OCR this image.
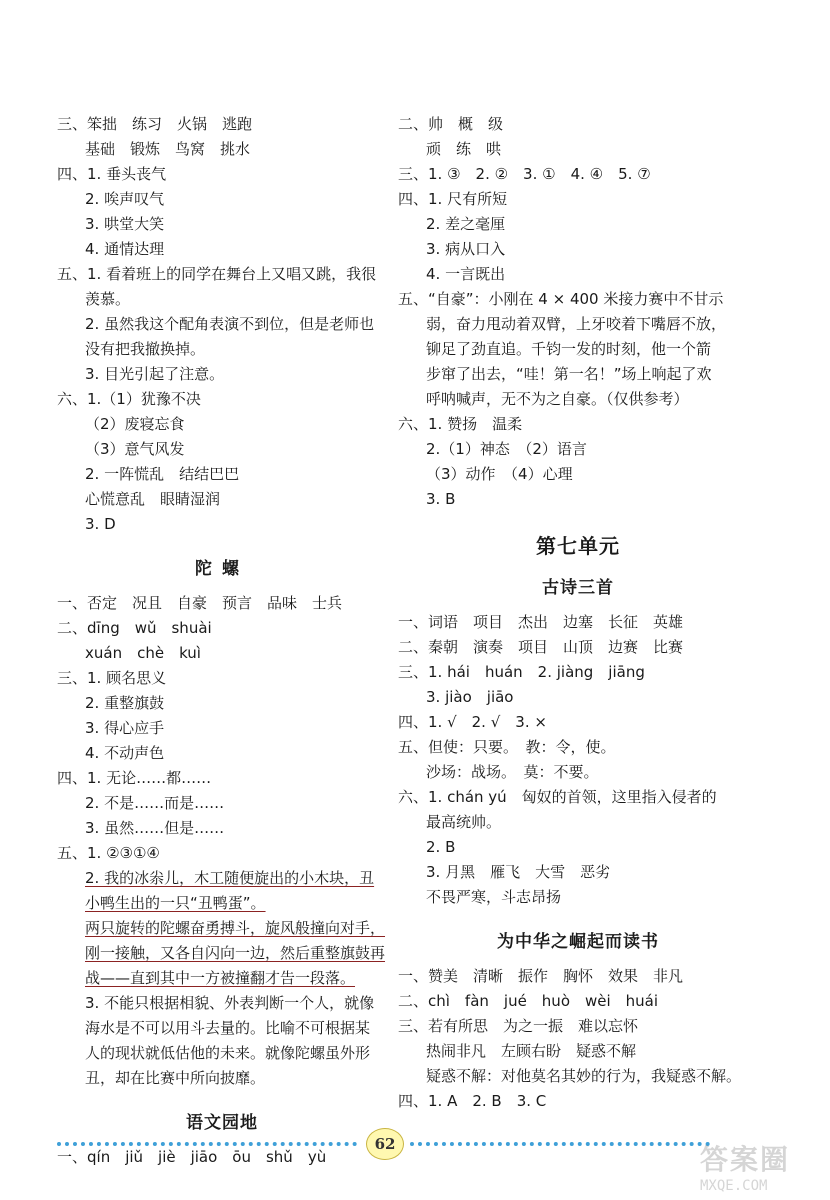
三、笨拙　练习　火锅　逃跑
基础　锻炼　鸟窝　挑水
四、1. 垂头丧气
2. 唉声叹气
3. 哄堂大笑
4. 通情达理
五、1. 看着班上的同学在舞台上又唱又跳，我很
羡慕。
2. 虽然我这个配角表演不到位，但是老师也
没有把我撤换掉。
3. 目光引起了注意。
六、1.（1）犹豫不决
（2）废寝忘食
（3）意气风发
2. 一阵慌乱　结结巴巴
心慌意乱　眼睛湿润
3. D
陀螺
一、否定　况且　自豪　预言　品味　士兵
二、dīng　wǔ　shuài
xuán　chè　kuì
三、1. 顾名思义
2. 重整旗鼓
3. 得心应手
4. 不动声色
四、1. 无论……都……
2. 不是……而是……
3. 虽然……但是……
五、1. ②③①④
2. 我的冰尜儿，木工随便旋出的小木块，丑
小鸭生出的一只“丑鸭蛋”。
两只旋转的陀螺奋勇搏斗，旋风般撞向对手，
刚一接触，又各自闪向一边，然后重整旗鼓再
战——直到其中一方被撞翻才告一段落。
3. 不能只根据相貌、外表判断一个人，就像
海水是不可以用斗去量的。比喻不可根据某
人的现状就低估他的未来。就像陀螺虽外形
丑，却在比赛中所向披靡。
语文园地
一、qín　jiǔ　jiè　jiāo　ōu　shǔ　yù
二、帅　概　级
顽　练　哄
三、1. ③　2. ②　3. ①　4. ④　5. ⑦
四、1. 尺有所短
2. 差之毫厘
3. 病从口入
4. 一言既出
五、“自豪”：小刚在 4 × 400 米接力赛中不甘示
弱，奋力甩动着双臂，上牙咬着下嘴唇不放，
铆足了劲直追。千钧一发的时刻，他一个箭
步窜了出去，“哇！第一名！”场上响起了欢
呼呐喊声，无不为之自豪。（仅供参考）
六、1. 赞扬　温柔
2.（1）神态　（2）语言
（3）动作　（4）心理
3. B
第七单元
古诗三首
一、词语　项目　杰出　边塞　长征　英雄
二、秦朝　演奏　项目　山顶　边赛　比赛
三、1. hái　huán　2. jiàng　jiāng
3. jiào　jiāo
四、1. √　2. √　3. ×
五、但使：只要。　教：令，使。
沙场：战场。　莫：不要。
六、1. chán yú　匈奴的首领，这里指入侵者的
最高统帅。
2. B
3. 月黑　雁飞　大雪　恶劣
不畏严寒，斗志昂扬
为中华之崛起而读书
一、赞美　清晰　振作　胸怀　效果　非凡
二、chì　fàn　jué　huò　wèi　huái
三、若有所思　为之一振　难以忘怀
热闹非凡　左顾右盼　疑惑不解
疑惑不解：对他莫名其妙的行为，我疑惑不解。
四、1. A　2. B　3. C
62	答案圈
MXQE.COM
